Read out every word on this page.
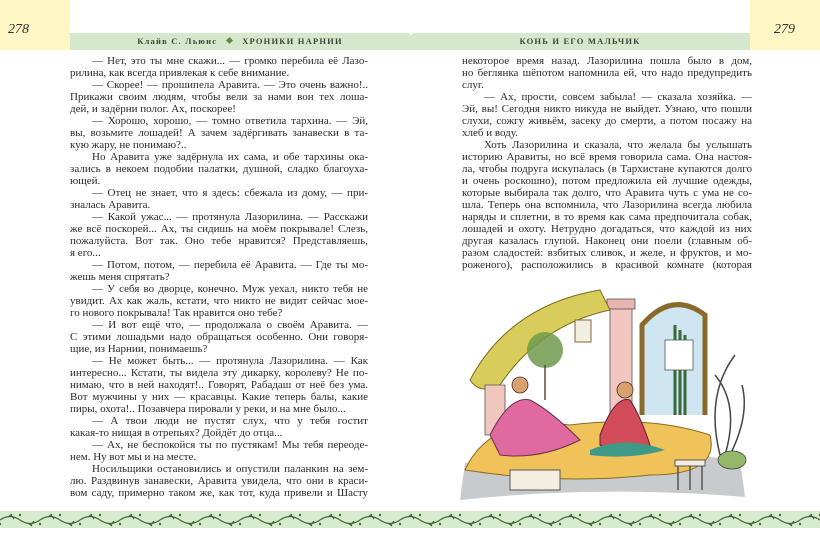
278
Клайв С. Льюис	ХРОНИКИ НАРНИИ	КОНЬ И ЕГО МАЛЬЧИК
279
— Нет, это ты мне скажи... — громко перебила её Лазо-
рилина, как всегда привлекая к себе внимание.
— Скорее! — прошипела Аравита. — Это очень важно!..
Прикажи своим людям, чтобы вели за нами вон тех лоша-
дей, и задёрни полог. Ах, поскорее!
— Хорошо, хорошо, — томно ответила тархина. — Эй,
вы, возьмите лошадей! А зачем задёргивать занавески в та-
кую жару, не понимаю?..
Но Аравита уже задёрнула их сама, и обе тархины ока-
зались в некоем подобии палатки, душной, сладко благоуха-
ющей.
— Отец не знает, что я здесь: сбежала из дому, — при-
зналась Аравита.
— Какой ужас... — протянула Лазорилина. — Расскажи
же всё поскорей... Ах, ты сидишь на моём покрывале! Слезь,
пожалуйста. Вот так. Оно тебе нравится? Представляешь,
я его...
— Потом, потом, — перебила её Аравита. — Где ты мо-
жешь меня спрятать?
— У себя во дворце, конечно. Муж уехал, никто тебя не
увидит. Ах как жаль, кстати, что никто не видит сейчас мое-
го нового покрывала! Так нравится оно тебе?
— И вот ещё что, — продолжала о своём Аравита. —
С этими лошадьми надо обращаться особенно. Они говоря-
щие, из Нарнии, понимаешь?
— Не может быть... — протянула Лазорилина. — Как
интересно... Кстати, ты видела эту дикарку, королеву? Не по-
нимаю, что в ней находят!.. Говорят, Рабадаш от неё без ума.
Вот мужчины у них — красавцы. Какие теперь балы, какие
пиры, охота!.. Позавчера пировали у реки, и на мне было...
— А твои люди не пустят слух, что у тебя гостит
какая-то нищая в отрепьях? Дойдёт до отца...
— Ах, не беспокойся ты по пустякам! Мы тебя переоде-
нем. Ну вот мы и на месте.
Носильщики остановились и опустили паланкин на зем-
лю. Раздвинув занавески, Аравита увидела, что они в краси-
вом саду, примерно таком же, как тот, куда привели и Шасту
некоторое время назад. Лазорилина пошла было в дом,
но беглянка шёпотом напомнила ей, что надо предупредить
слуг.
— Ах, прости, совсем забыла! — сказала хозяйка. —
Эй, вы! Сегодня никто никуда не выйдет. Узнаю, что пошли
слухи, сожгу живьём, засеку до смерти, а потом посажу на
хлеб и воду.
Хоть Лазорилина и сказала, что желала бы услышать
историю Аравиты, но всё время говорила сама. Она настоя-
ла, чтобы подруга искупалась (в Тархистане купаются долго
и очень роскошно), потом предложила ей лучшие одежды,
которые выбирала так долго, что Аравита чуть с ума не со-
шла. Теперь она вспомнила, что Лазорилина всегда любила
наряды и сплетни, в то время как сама предпочитала собак,
лошадей и охоту. Нетрудно догадаться, что каждой из них
другая казалась глупой. Наконец они поели (главным об-
разом сладостей: взбитых сливок, и желе, и фруктов, и мо-
роженого), расположились в красивой комнате (которая
